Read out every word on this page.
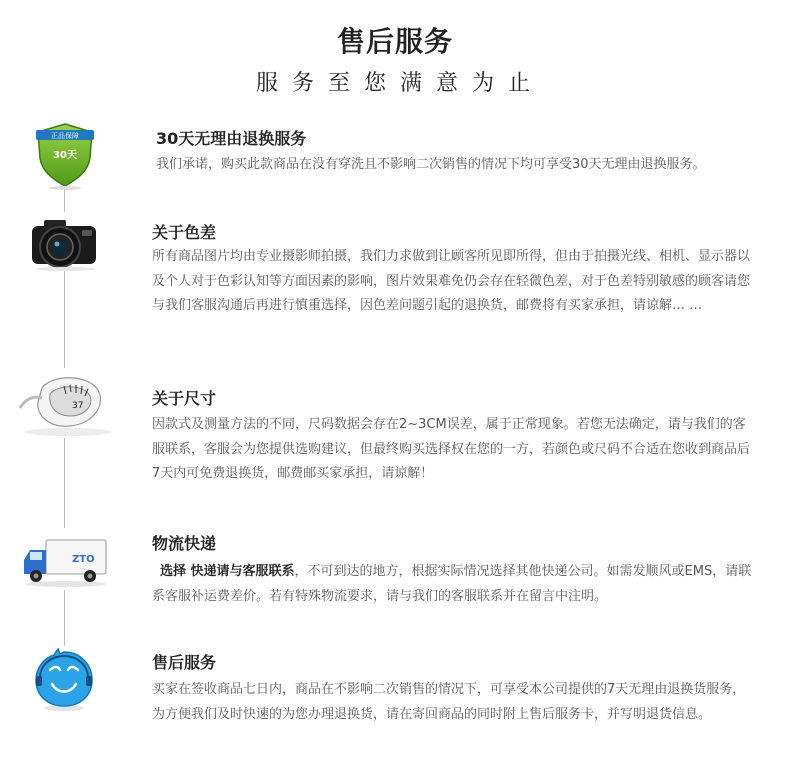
售后服务
服务至您满意为止
正品保障
30天
30天无理由退换服务
我们承诺，购买此款商品在没有穿洗且不影响二次销售的情况下均可享受30天无理由退换服务。
关于色差
所有商品图片均由专业摄影师拍摄，我们力求做到让顾客所见即所得，但由于拍摄光线、相机、显示器以及个人对于色彩认知等方面因素的影响，图片效果难免仍会存在轻微色差，对于色差特别敏感的顾客请您与我们客服沟通后再进行慎重选择，因色差问题引起的退换货，邮费将有买家承担，请谅解… …
37	关于尺寸
因款式及测量方法的不同，尺码数据会存在2~3CM误差，属于正常现象。若您无法确定，请与我们的客服联系，客服会为您提供选购建议，但最终购买选择权在您的一方，若颜色或尺码不合适在您收到商品后7天内可免费退换货，邮费邮买家承担，请谅解！
ZTO
物流快递
选择 快递请与客服联系，不可到达的地方，根据实际情况选择其他快递公司。如需发顺风或EMS，请联系客服补运费差价。若有特殊物流要求，请与我们的客服联系并在留言中注明。
售后服务
买家在签收商品七日内，商品在不影响二次销售的情况下，可享受本公司提供的7天无理由退换货服务，为方便我们及时快速的为您办理退换货，请在寄回商品的同时附上售后服务卡，并写明退货信息。
